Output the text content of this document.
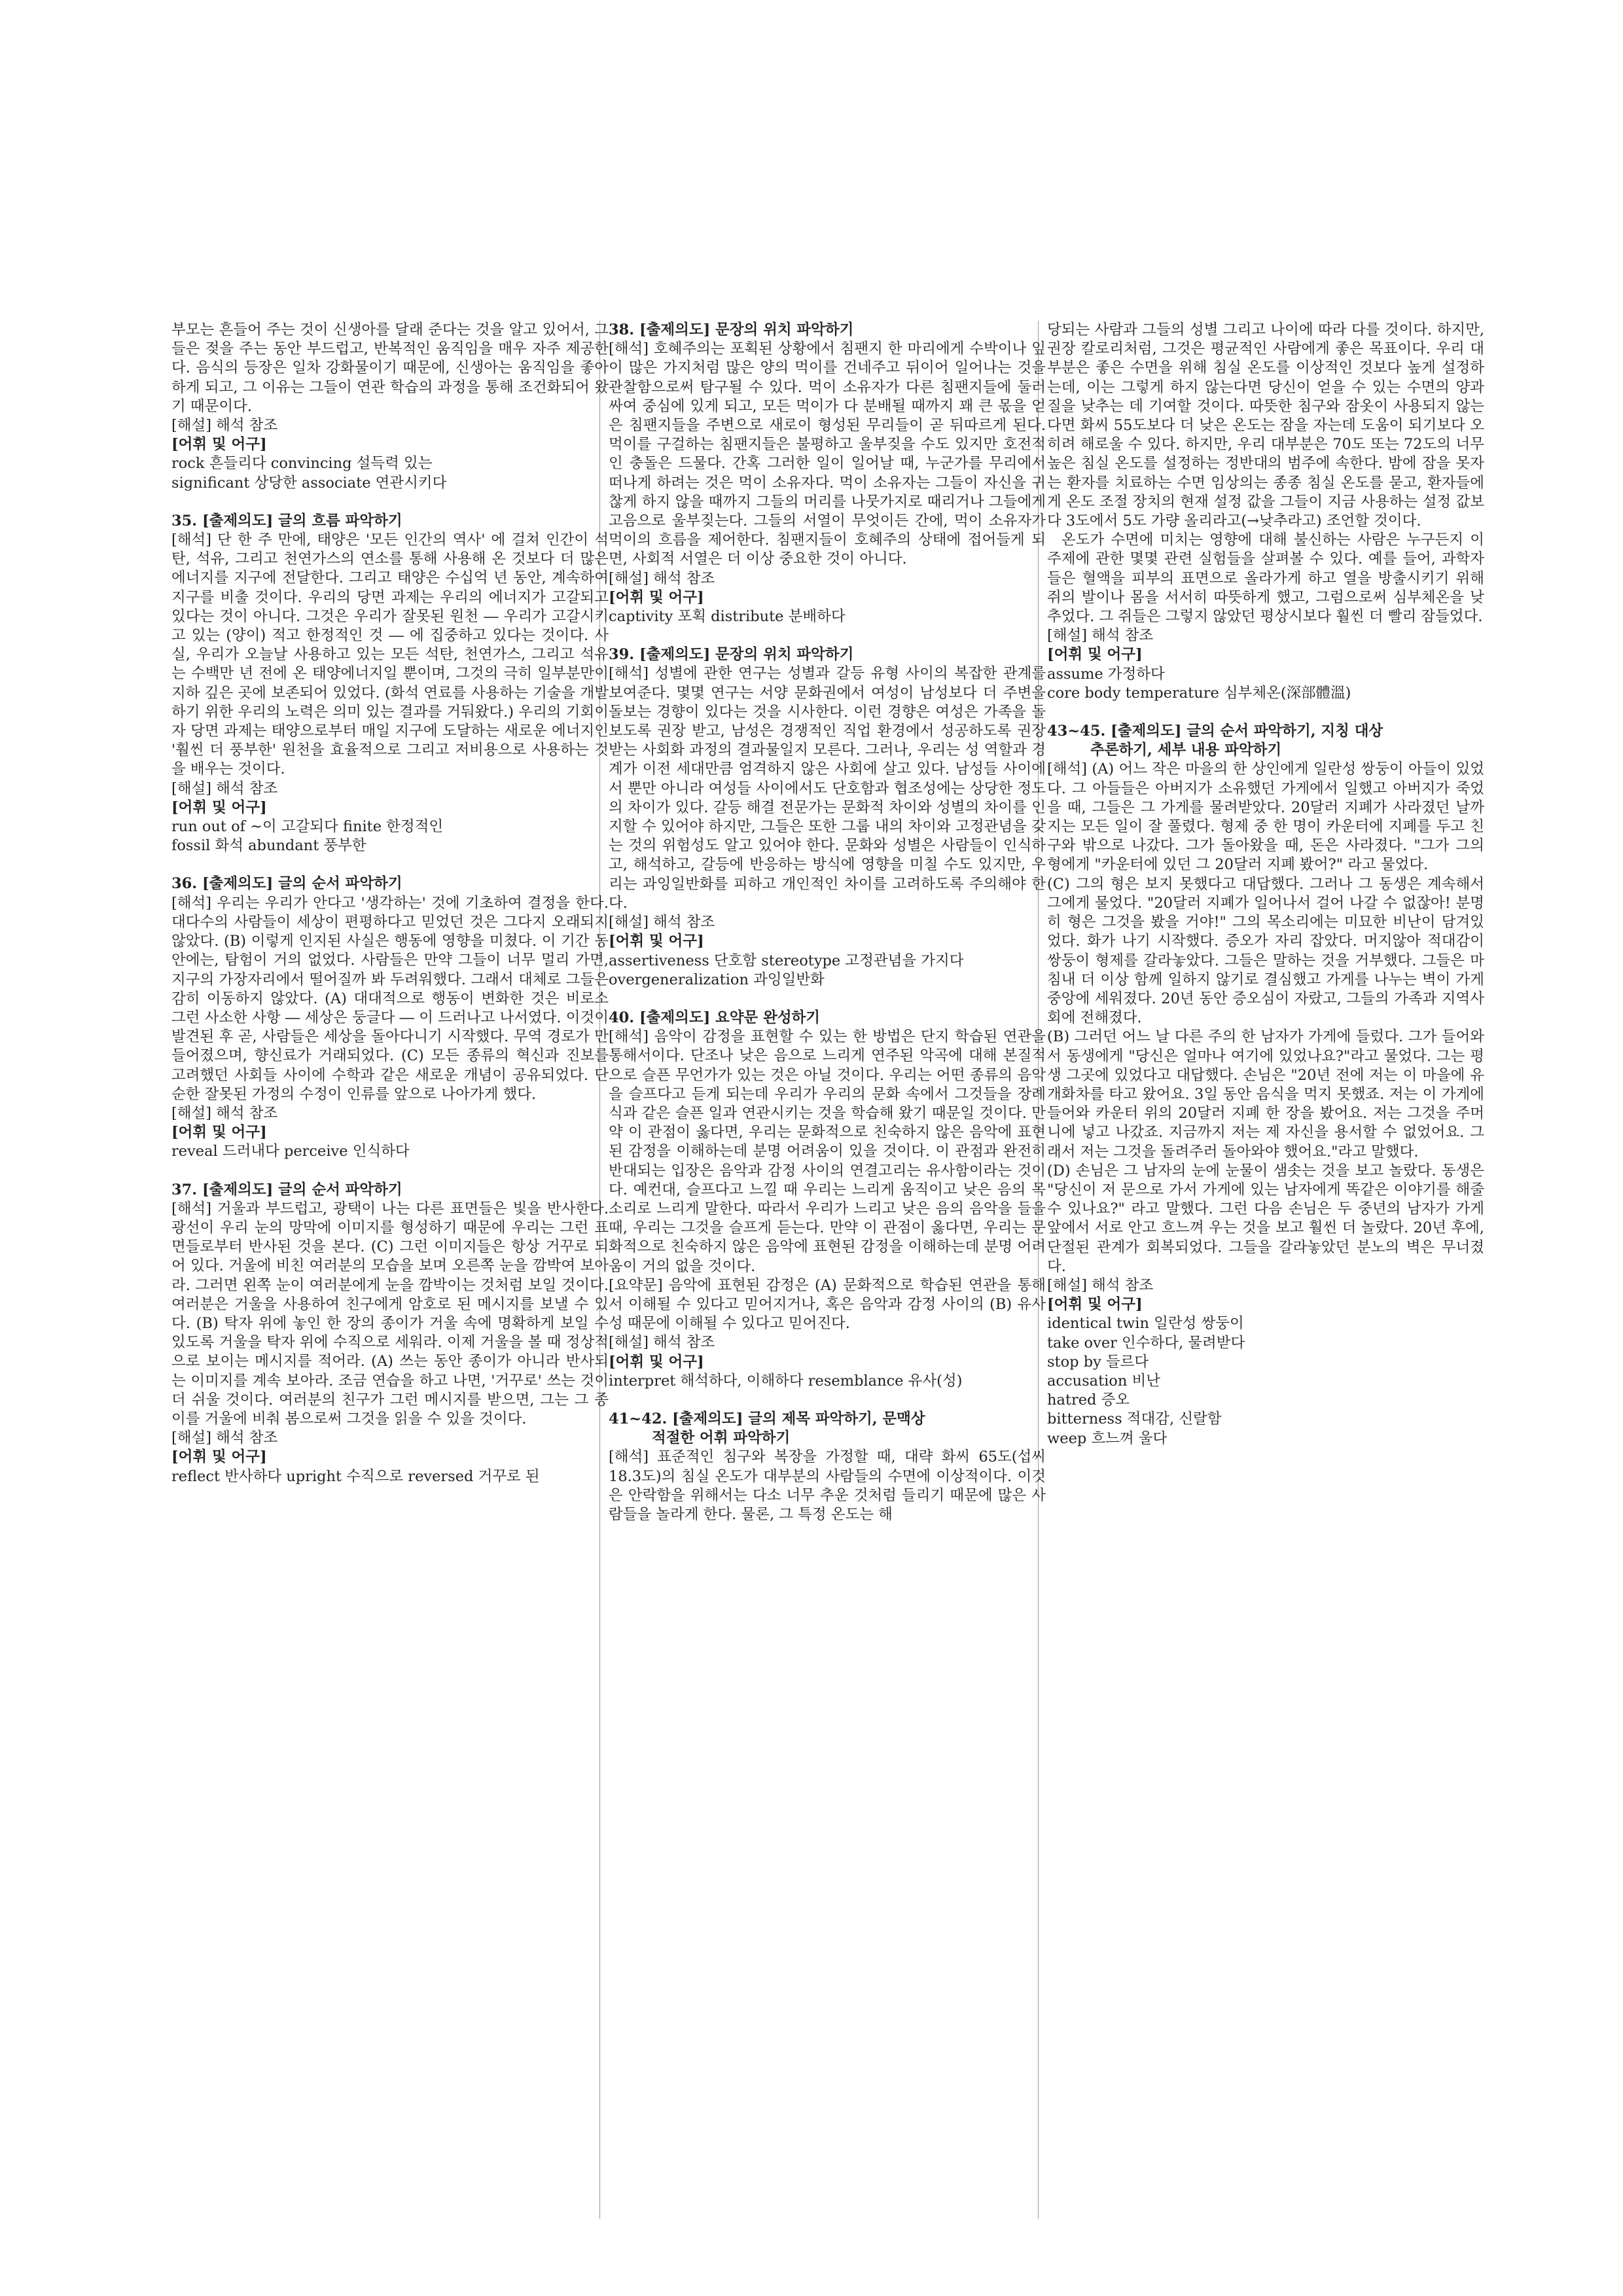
부모는 흔들어 주는 것이 신생아를 달래 준다는 것을 알고 있어서, 그들은 젖을 주는 동안 부드럽고, 반복적인 움직임을 매우 자주 제공한다. 음식의 등장은 일차 강화물이기 때문에, 신생아는 움직임을 좋아하게 되고, 그 이유는 그들이 연관 학습의 과정을 통해 조건화되어 왔기 때문이다.

[해설] 해석 참조

[어휘 및 어구]

rock 흔들리다 convincing 설득력 있는

significant 상당한 associate 연관시키다

35. [출제의도] 글의 흐름 파악하기

[해석] 단 한 주 만에, 태양은 '모든 인간의 역사' 에 걸쳐 인간이 석탄, 석유, 그리고 천연가스의 연소를 통해 사용해 온 것보다 더 많은 에너지를 지구에 전달한다. 그리고 태양은 수십억 년 동안, 계속하여 지구를 비출 것이다. 우리의 당면 과제는 우리의 에너지가 고갈되고 있다는 것이 아니다. 그것은 우리가 잘못된 원천 ― 우리가 고갈시키고 있는 (양이) 적고 한정적인 것 ― 에 집중하고 있다는 것이다. 사실, 우리가 오늘날 사용하고 있는 모든 석탄, 천연가스, 그리고 석유는 수백만 년 전에 온 태양에너지일 뿐이며, 그것의 극히 일부분만이 지하 깊은 곳에 보존되어 있었다. (화석 연료를 사용하는 기술을 개발하기 위한 우리의 노력은 의미 있는 결과를 거둬왔다.) 우리의 기회이자 당면 과제는 태양으로부터 매일 지구에 도달하는 새로운 에너지인 '훨씬 더 풍부한' 원천을 효율적으로 그리고 저비용으로 사용하는 것을 배우는 것이다.

[해설] 해석 참조

[어휘 및 어구]

run out of ~이 고갈되다 finite 한정적인

fossil 화석 abundant 풍부한

36. [출제의도] 글의 순서 파악하기

[해석] 우리는 우리가 안다고 '생각하는' 것에 기초하여 결정을 한다. 대다수의 사람들이 세상이 편평하다고 믿었던 것은 그다지 오래되지 않았다. (B) 이렇게 인지된 사실은 행동에 영향을 미쳤다. 이 기간 동안에는, 탐험이 거의 없었다. 사람들은 만약 그들이 너무 멀리 가면, 지구의 가장자리에서 떨어질까 봐 두려워했다. 그래서 대체로 그들은 감히 이동하지 않았다. (A) 대대적으로 행동이 변화한 것은 비로소 그런 사소한 사항 ― 세상은 둥글다 ― 이 드러나고 나서였다. 이것이 발견된 후 곧, 사람들은 세상을 돌아다니기 시작했다. 무역 경로가 만들어졌으며, 향신료가 거래되었다. (C) 모든 종류의 혁신과 진보를 고려했던 사회들 사이에 수학과 같은 새로운 개념이 공유되었다. 단순한 잘못된 가정의 수정이 인류를 앞으로 나아가게 했다.

[해설] 해석 참조

[어휘 및 어구]

reveal 드러내다 perceive 인식하다

37. [출제의도] 글의 순서 파악하기

[해석] 거울과 부드럽고, 광택이 나는 다른 표면들은 빛을 반사한다. 광선이 우리 눈의 망막에 이미지를 형성하기 때문에 우리는 그런 표면들로부터 반사된 것을 본다. (C) 그런 이미지들은 항상 거꾸로 되어 있다. 거울에 비친 여러분의 모습을 보며 오른쪽 눈을 깜박여 보아라. 그러면 왼쪽 눈이 여러분에게 눈을 깜박이는 것처럼 보일 것이다. 여러분은 거울을 사용하여 친구에게 암호로 된 메시지를 보낼 수 있다. (B) 탁자 위에 놓인 한 장의 종이가 거울 속에 명확하게 보일 수 있도록 거울을 탁자 위에 수직으로 세워라. 이제 거울을 볼 때 정상적으로 보이는 메시지를 적어라. (A) 쓰는 동안 종이가 아니라 반사되는 이미지를 계속 보아라. 조금 연습을 하고 나면, '거꾸로' 쓰는 것이 더 쉬울 것이다. 여러분의 친구가 그런 메시지를 받으면, 그는 그 종이를 거울에 비춰 봄으로써 그것을 읽을 수 있을 것이다.

[해설] 해석 참조

[어휘 및 어구]

reflect 반사하다 upright 수직으로 reversed 거꾸로 된

38. [출제의도] 문장의 위치 파악하기

[해석] 호혜주의는 포획된 상황에서 침팬지 한 마리에게 수박이나 잎이 많은 가지처럼 많은 양의 먹이를 건네주고 뒤이어 일어나는 것을 관찰함으로써 탐구될 수 있다. 먹이 소유자가 다른 침팬지들에 둘러싸여 중심에 있게 되고, 모든 먹이가 다 분배될 때까지 꽤 큰 몫을 얻은 침팬지들을 주변으로 새로이 형성된 무리들이 곧 뒤따르게 된다. 먹이를 구걸하는 침팬지들은 불평하고 울부짖을 수도 있지만 호전적인 충돌은 드물다. 간혹 그러한 일이 일어날 때, 누군가를 무리에서 떠나게 하려는 것은 먹이 소유자다. 먹이 소유자는 그들이 자신을 귀찮게 하지 않을 때까지 그들의 머리를 나뭇가지로 때리거나 그들에게 고음으로 울부짖는다. 그들의 서열이 무엇이든 간에, 먹이 소유자가 먹이의 흐름을 제어한다. 침팬지들이 호혜주의 상태에 접어들게 되면, 사회적 서열은 더 이상 중요한 것이 아니다.

[해설] 해석 참조

[어휘 및 어구]

captivity 포획 distribute 분배하다

39. [출제의도] 문장의 위치 파악하기

[해석] 성별에 관한 연구는 성별과 갈등 유형 사이의 복잡한 관계를 보여준다. 몇몇 연구는 서양 문화권에서 여성이 남성보다 더 주변을 돌보는 경향이 있다는 것을 시사한다. 이런 경향은 여성은 가족을 돌보도록 권장 받고, 남성은 경쟁적인 직업 환경에서 성공하도록 권장 받는 사회화 과정의 결과물일지 모른다. 그러나, 우리는 성 역할과 경계가 이전 세대만큼 엄격하지 않은 사회에 살고 있다. 남성들 사이에서 뿐만 아니라 여성들 사이에서도 단호함과 협조성에는 상당한 정도의 차이가 있다. 갈등 해결 전문가는 문화적 차이와 성별의 차이를 인지할 수 있어야 하지만, 그들은 또한 그룹 내의 차이와 고정관념을 갖는 것의 위험성도 알고 있어야 한다. 문화와 성별은 사람들이 인식하고, 해석하고, 갈등에 반응하는 방식에 영향을 미칠 수도 있지만, 우리는 과잉일반화를 피하고 개인적인 차이를 고려하도록 주의해야 한다.

[해설] 해석 참조

[어휘 및 어구]

assertiveness 단호함 stereotype 고정관념을 가지다

overgeneralization 과잉일반화

40. [출제의도] 요약문 완성하기

[해석] 음악이 감정을 표현할 수 있는 한 방법은 단지 학습된 연관을 통해서이다. 단조나 낮은 음으로 느리게 연주된 악곡에 대해 본질적으로 슬픈 무언가가 있는 것은 아닐 것이다. 우리는 어떤 종류의 음악을 슬프다고 듣게 되는데 우리가 우리의 문화 속에서 그것들을 장례식과 같은 슬픈 일과 연관시키는 것을 학습해 왔기 때문일 것이다. 만약 이 관점이 옳다면, 우리는 문화적으로 친숙하지 않은 음악에 표현된 감정을 이해하는데 분명 어려움이 있을 것이다. 이 관점과 완전히 반대되는 입장은 음악과 감정 사이의 연결고리는 유사함이라는 것이다. 예컨대, 슬프다고 느낄 때 우리는 느리게 움직이고 낮은 음의 목소리로 느리게 말한다. 따라서 우리가 느리고 낮은 음의 음악을 들을 때, 우리는 그것을 슬프게 듣는다. 만약 이 관점이 옳다면, 우리는 문화적으로 친숙하지 않은 음악에 표현된 감정을 이해하는데 분명 어려움이 거의 없을 것이다.

[요약문] 음악에 표현된 감정은 (A) 문화적으로 학습된 연관을 통해서 이해될 수 있다고 믿어지거나, 혹은 음악과 감정 사이의 (B) 유사성 때문에 이해될 수 있다고 믿어진다.

[해설] 해석 참조

[어휘 및 어구]

interpret 해석하다, 이해하다 resemblance 유사(성)

41~42. [출제의도] 글의 제목 파악하기, 문맥상
적절한 어휘 파악하기

[해석] 표준적인 침구와 복장을 가정할 때, 대략 화씨 65도(섭씨 18.3도)의 침실 온도가 대부분의 사람들의 수면에 이상적이다. 이것은 안락함을 위해서는 다소 너무 추운 것처럼 들리기 때문에 많은 사람들을 놀라게 한다. 물론, 그 특정 온도는 해

당되는 사람과 그들의 성별 그리고 나이에 따라 다를 것이다. 하지만, 권장 칼로리처럼, 그것은 평균적인 사람에게 좋은 목표이다. 우리 대부분은 좋은 수면을 위해 침실 온도를 이상적인 것보다 높게 설정하는데, 이는 그렇게 하지 않는다면 당신이 얻을 수 있는 수면의 양과 질을 낮추는 데 기여할 것이다. 따뜻한 침구와 잠옷이 사용되지 않는다면 화씨 55도보다 더 낮은 온도는 잠을 자는데 도움이 되기보다 오히려 해로울 수 있다. 하지만, 우리 대부분은 70도 또는 72도의 너무 높은 침실 온도를 설정하는 정반대의 범주에 속한다. 밤에 잠을 못자는 환자를 치료하는 수면 임상의는 종종 침실 온도를 묻고, 환자들에게 온도 조절 장치의 현재 설정 값을 그들이 지금 사용하는 설정 값보다 3도에서 5도 가량 올리라고(→낮추라고) 조언할 것이다.

온도가 수면에 미치는 영향에 대해 불신하는 사람은 누구든지 이 주제에 관한 몇몇 관련 실험들을 살펴볼 수 있다. 예를 들어, 과학자들은 혈액을 피부의 표면으로 올라가게 하고 열을 방출시키기 위해 쥐의 발이나 몸을 서서히 따뜻하게 했고, 그럼으로써 심부체온을 낮추었다. 그 쥐들은 그렇지 않았던 평상시보다 훨씬 더 빨리 잠들었다.

[해설] 해석 참조

[어휘 및 어구]

assume 가정하다

core body temperature 심부체온(深部體溫)

43~45. [출제의도] 글의 순서 파악하기, 지칭 대상
추론하기, 세부 내용 파악하기

[해석] (A) 어느 작은 마을의 한 상인에게 일란성 쌍둥이 아들이 있었다. 그 아들들은 아버지가 소유했던 가게에서 일했고 아버지가 죽었을 때, 그들은 그 가게를 물려받았다. 20달러 지폐가 사라졌던 날까지는 모든 일이 잘 풀렸다. 형제 중 한 명이 카운터에 지폐를 두고 친구와 밖으로 나갔다. 그가 돌아왔을 때, 돈은 사라졌다. "그가 그의 형에게 "카운터에 있던 그 20달러 지폐 봤어?" 라고 물었다.

(C) 그의 형은 보지 못했다고 대답했다. 그러나 그 동생은 계속해서 그에게 물었다. "20달러 지폐가 일어나서 걸어 나갈 수 없잖아! 분명히 형은 그것을 봤을 거야!" 그의 목소리에는 미묘한 비난이 담겨있었다. 화가 나기 시작했다. 증오가 자리 잡았다. 머지않아 적대감이 쌍둥이 형제를 갈라놓았다. 그들은 말하는 것을 거부했다. 그들은 마침내 더 이상 함께 일하지 않기로 결심했고 가게를 나누는 벽이 가게 중앙에 세워졌다. 20년 동안 증오심이 자랐고, 그들의 가족과 지역사회에 전해졌다.

(B) 그러던 어느 날 다른 주의 한 남자가 가게에 들렀다. 그가 들어와서 동생에게 "당신은 얼마나 여기에 있었나요?"라고 물었다. 그는 평생 그곳에 있었다고 대답했다. 손님은 "20년 전에 저는 이 마을에 유개화차를 타고 왔어요. 3일 동안 음식을 먹지 못했죠. 저는 이 가게에 들어와 카운터 위의 20달러 지폐 한 장을 봤어요. 저는 그것을 주머니에 넣고 나갔죠. 지금까지 저는 제 자신을 용서할 수 없었어요. 그래서 저는 그것을 돌려주러 돌아와야 했어요."라고 말했다.

(D) 손님은 그 남자의 눈에 눈물이 샘솟는 것을 보고 놀랐다. 동생은 "당신이 저 문으로 가서 가게에 있는 남자에게 똑같은 이야기를 해줄 수 있나요?" 라고 말했다. 그런 다음 손님은 두 중년의 남자가 가게 앞에서 서로 안고 흐느껴 우는 것을 보고 훨씬 더 놀랐다. 20년 후에, 단절된 관계가 회복되었다. 그들을 갈라놓았던 분노의 벽은 무너졌다.

[해설] 해석 참조

[어휘 및 어구]

identical twin 일란성 쌍둥이

take over 인수하다, 물려받다

stop by 들르다

accusation 비난

hatred 증오

bitterness 적대감, 신랄함

weep 흐느껴 울다
